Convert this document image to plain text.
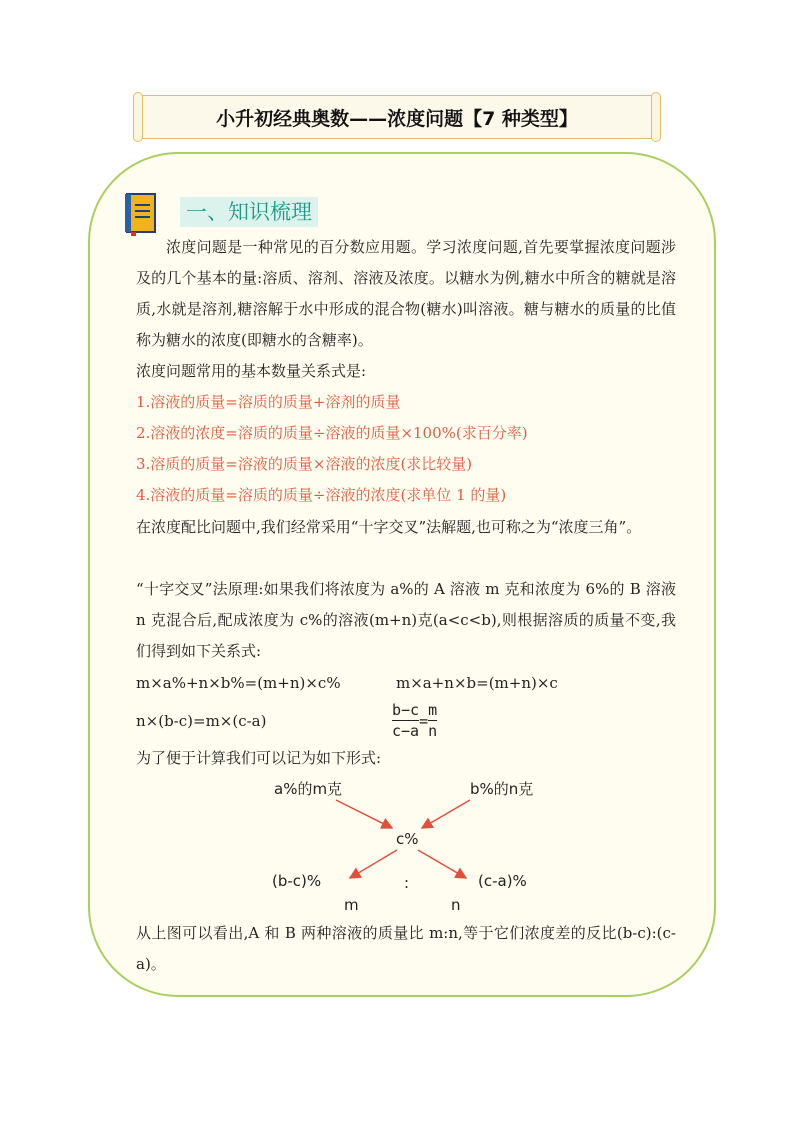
小升初经典奥数——浓度问题【7 种类型】
一、知识梳理

浓度问题是一种常见的百分数应用题。学习浓度问题,首先要掌握浓度问题涉及的几个基本的量:溶质、溶剂、溶液及浓度。以糖水为例,糖水中所含的糖就是溶质,水就是溶剂,糖溶解于水中形成的混合物(糖水)叫溶液。糖与糖水的质量的比值称为糖水的浓度(即糖水的含糖率)。

浓度问题常用的基本数量关系式是:
1.溶液的质量=溶质的质量+溶剂的质量
2.溶液的浓度=溶质的质量÷溶液的质量×100%(求百分率)
3.溶质的质量=溶液的质量×溶液的浓度(求比较量)
4.溶液的质量=溶质的质量÷溶液的浓度(求单位 1 的量)

在浓度配比问题中,我们经常采用“十字交叉”法解题,也可称之为“浓度三角”。

“十字交叉”法原理:如果我们将浓度为 a%的 A 溶液 m 克和浓度为 6%的 B 溶液 n 克混合后,配成浓度为 c%的溶液(m+n)克(a<c<b),则根据溶质的质量不变,我们得到如下关系式:

m×a%+n×b%=(m+n)×c%	m×a+n×b=(m+n)×c
n×(b-c)=m×(c-a)	$\frac{b-c}{c-a} = \frac{m}{n}$
为了便于计算我们可以记为如下形式:
a%的m克	b%的n克
c%
(b-c)%	(c-a)%
m
:
n

从上图可以看出,A 和 B 两种溶液的质量比 m:n,等于它们浓度差的反比(b-c):(c-a)。
